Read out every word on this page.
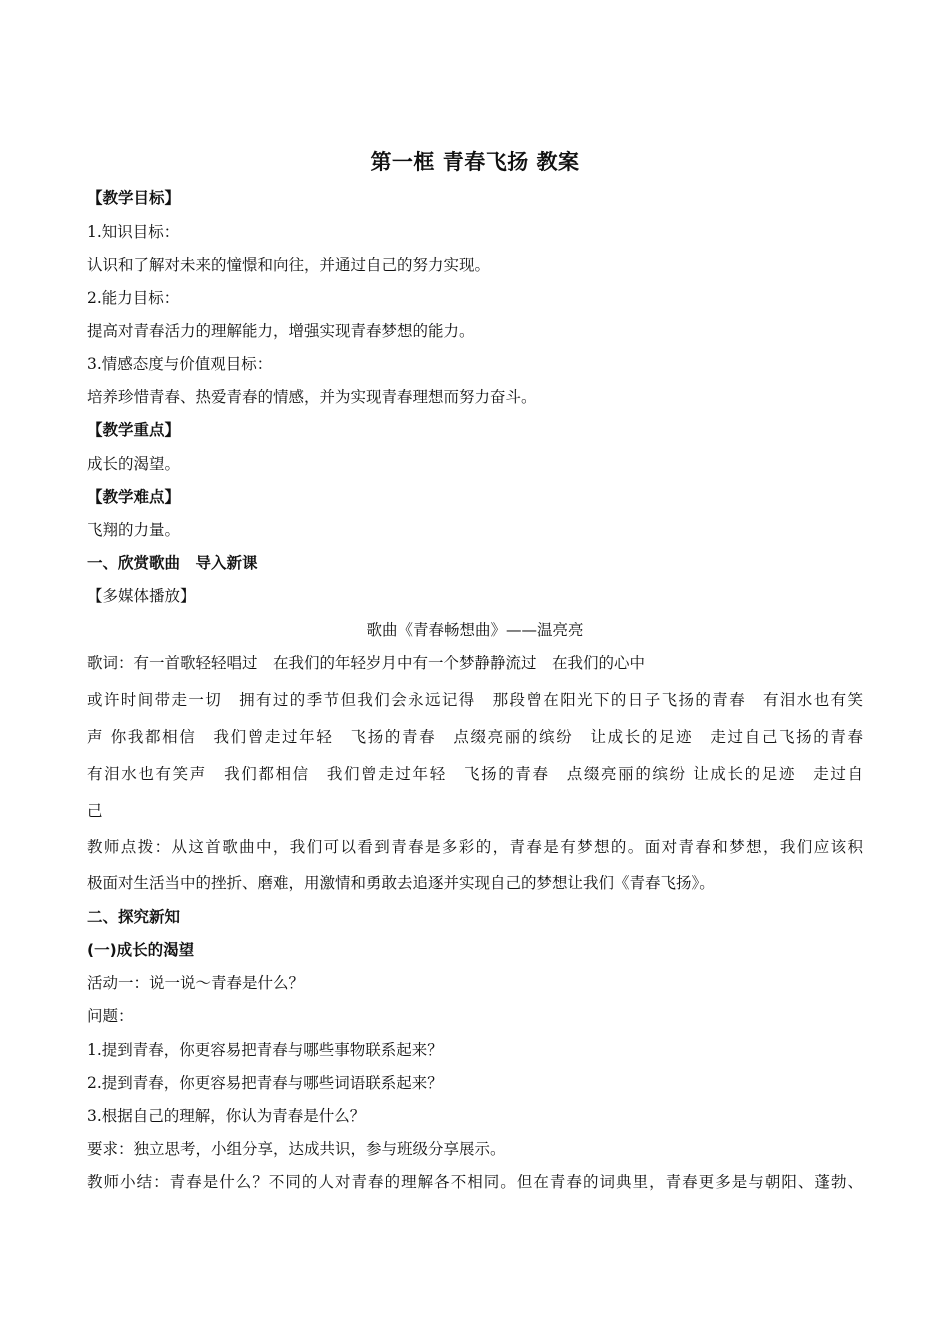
第一框 青春飞扬 教案
【教学目标】
1.知识目标：
认识和了解对未来的憧憬和向往，并通过自己的努力实现。
2.能力目标：
提高对青春活力的理解能力，增强实现青春梦想的能力。
3.情感态度与价值观目标：
培养珍惜青春、热爱青春的情感，并为实现青春理想而努力奋斗。
【教学重点】
成长的渴望。
【教学难点】
飞翔的力量。
一、欣赏歌曲　导入新课
【多媒体播放】
歌曲《青春畅想曲》——温亮亮
歌词：有一首歌轻轻唱过　在我们的年轻岁月中有一个梦静静流过　在我们的心中
或许时间带走一切　拥有过的季节但我们会永远记得　那段曾在阳光下的日子飞扬的青春　有泪水也有笑
声 你我都相信　我们曾走过年轻　飞扬的青春　点缀亮丽的缤纷　让成长的足迹　走过自己飞扬的青春
有泪水也有笑声　我们都相信　我们曾走过年轻　飞扬的青春　点缀亮丽的缤纷 让成长的足迹　走过自
己
教师点拨：从这首歌曲中，我们可以看到青春是多彩的，青春是有梦想的。面对青春和梦想，我们应该积
极面对生活当中的挫折、磨难，用激情和勇敢去追逐并实现自己的梦想让我们《青春飞扬》。
二、探究新知
(一)成长的渴望
活动一：说一说～青春是什么？
问题：
1.提到青春，你更容易把青春与哪些事物联系起来？
2.提到青春，你更容易把青春与哪些词语联系起来？
3.根据自己的理解，你认为青春是什么？
要求：独立思考，小组分享，达成共识，参与班级分享展示。
教师小结：青春是什么？不同的人对青春的理解各不相同。但在青春的词典里，青春更多是与朝阳、蓬勃、
